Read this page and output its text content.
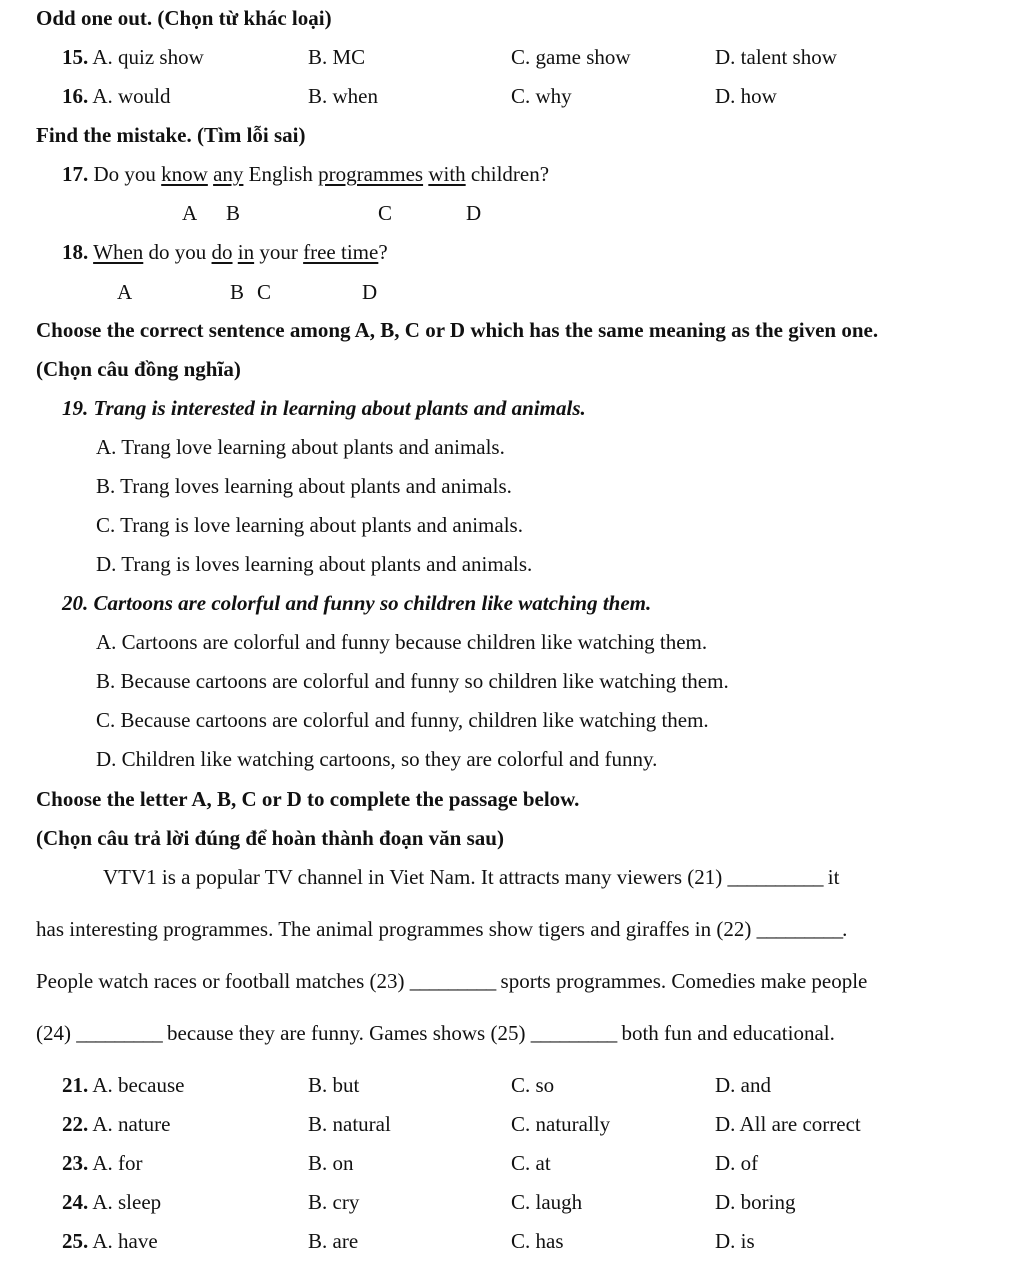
Odd one out. (Chọn từ khác loại)
15. A. quiz show	B. MC	C. game show	D. talent show
16. A. would	B. when	C. why	D. how
Find the mistake. (Tìm lỗi sai)
17. Do you know any English programmes with children?
A B	C	D
18. When do you do in your free time?
A	B C	D
Choose the correct sentence among A, B, C or D which has the same meaning as the given one.
(Chọn câu đồng nghĩa)
19. Trang is interested in learning about plants and animals.
A. Trang love learning about plants and animals.
B. Trang loves learning about plants and animals.
C. Trang is love learning about plants and animals.
D. Trang is loves learning about plants and animals.
20. Cartoons are colorful and funny so children like watching them.
A. Cartoons are colorful and funny because children like watching them.
B. Because cartoons are colorful and funny so children like watching them.
C. Because cartoons are colorful and funny, children like watching them.
D. Children like watching cartoons, so they are colorful and funny.
Choose the letter A, B, C or D to complete the passage below.
(Chọn câu trả lời đúng để hoàn thành đoạn văn sau)
VTV1 is a popular TV channel in Viet Nam. It attracts many viewers (21) __________ it
has interesting programmes. The animal programmes show tigers and giraffes in (22) _________.
People watch races or football matches (23) _________ sports programmes. Comedies make people
(24) _________ because they are funny. Games shows (25) _________ both fun and educational.
21. A. because	B. but	C. so	D. and
22. A. nature	B. natural	C. naturally	D. All are correct
23. A. for	B. on	C. at	D. of
24. A. sleep	B. cry	C. laugh	D. boring
25. A. have	B. are	C. has	D. is
